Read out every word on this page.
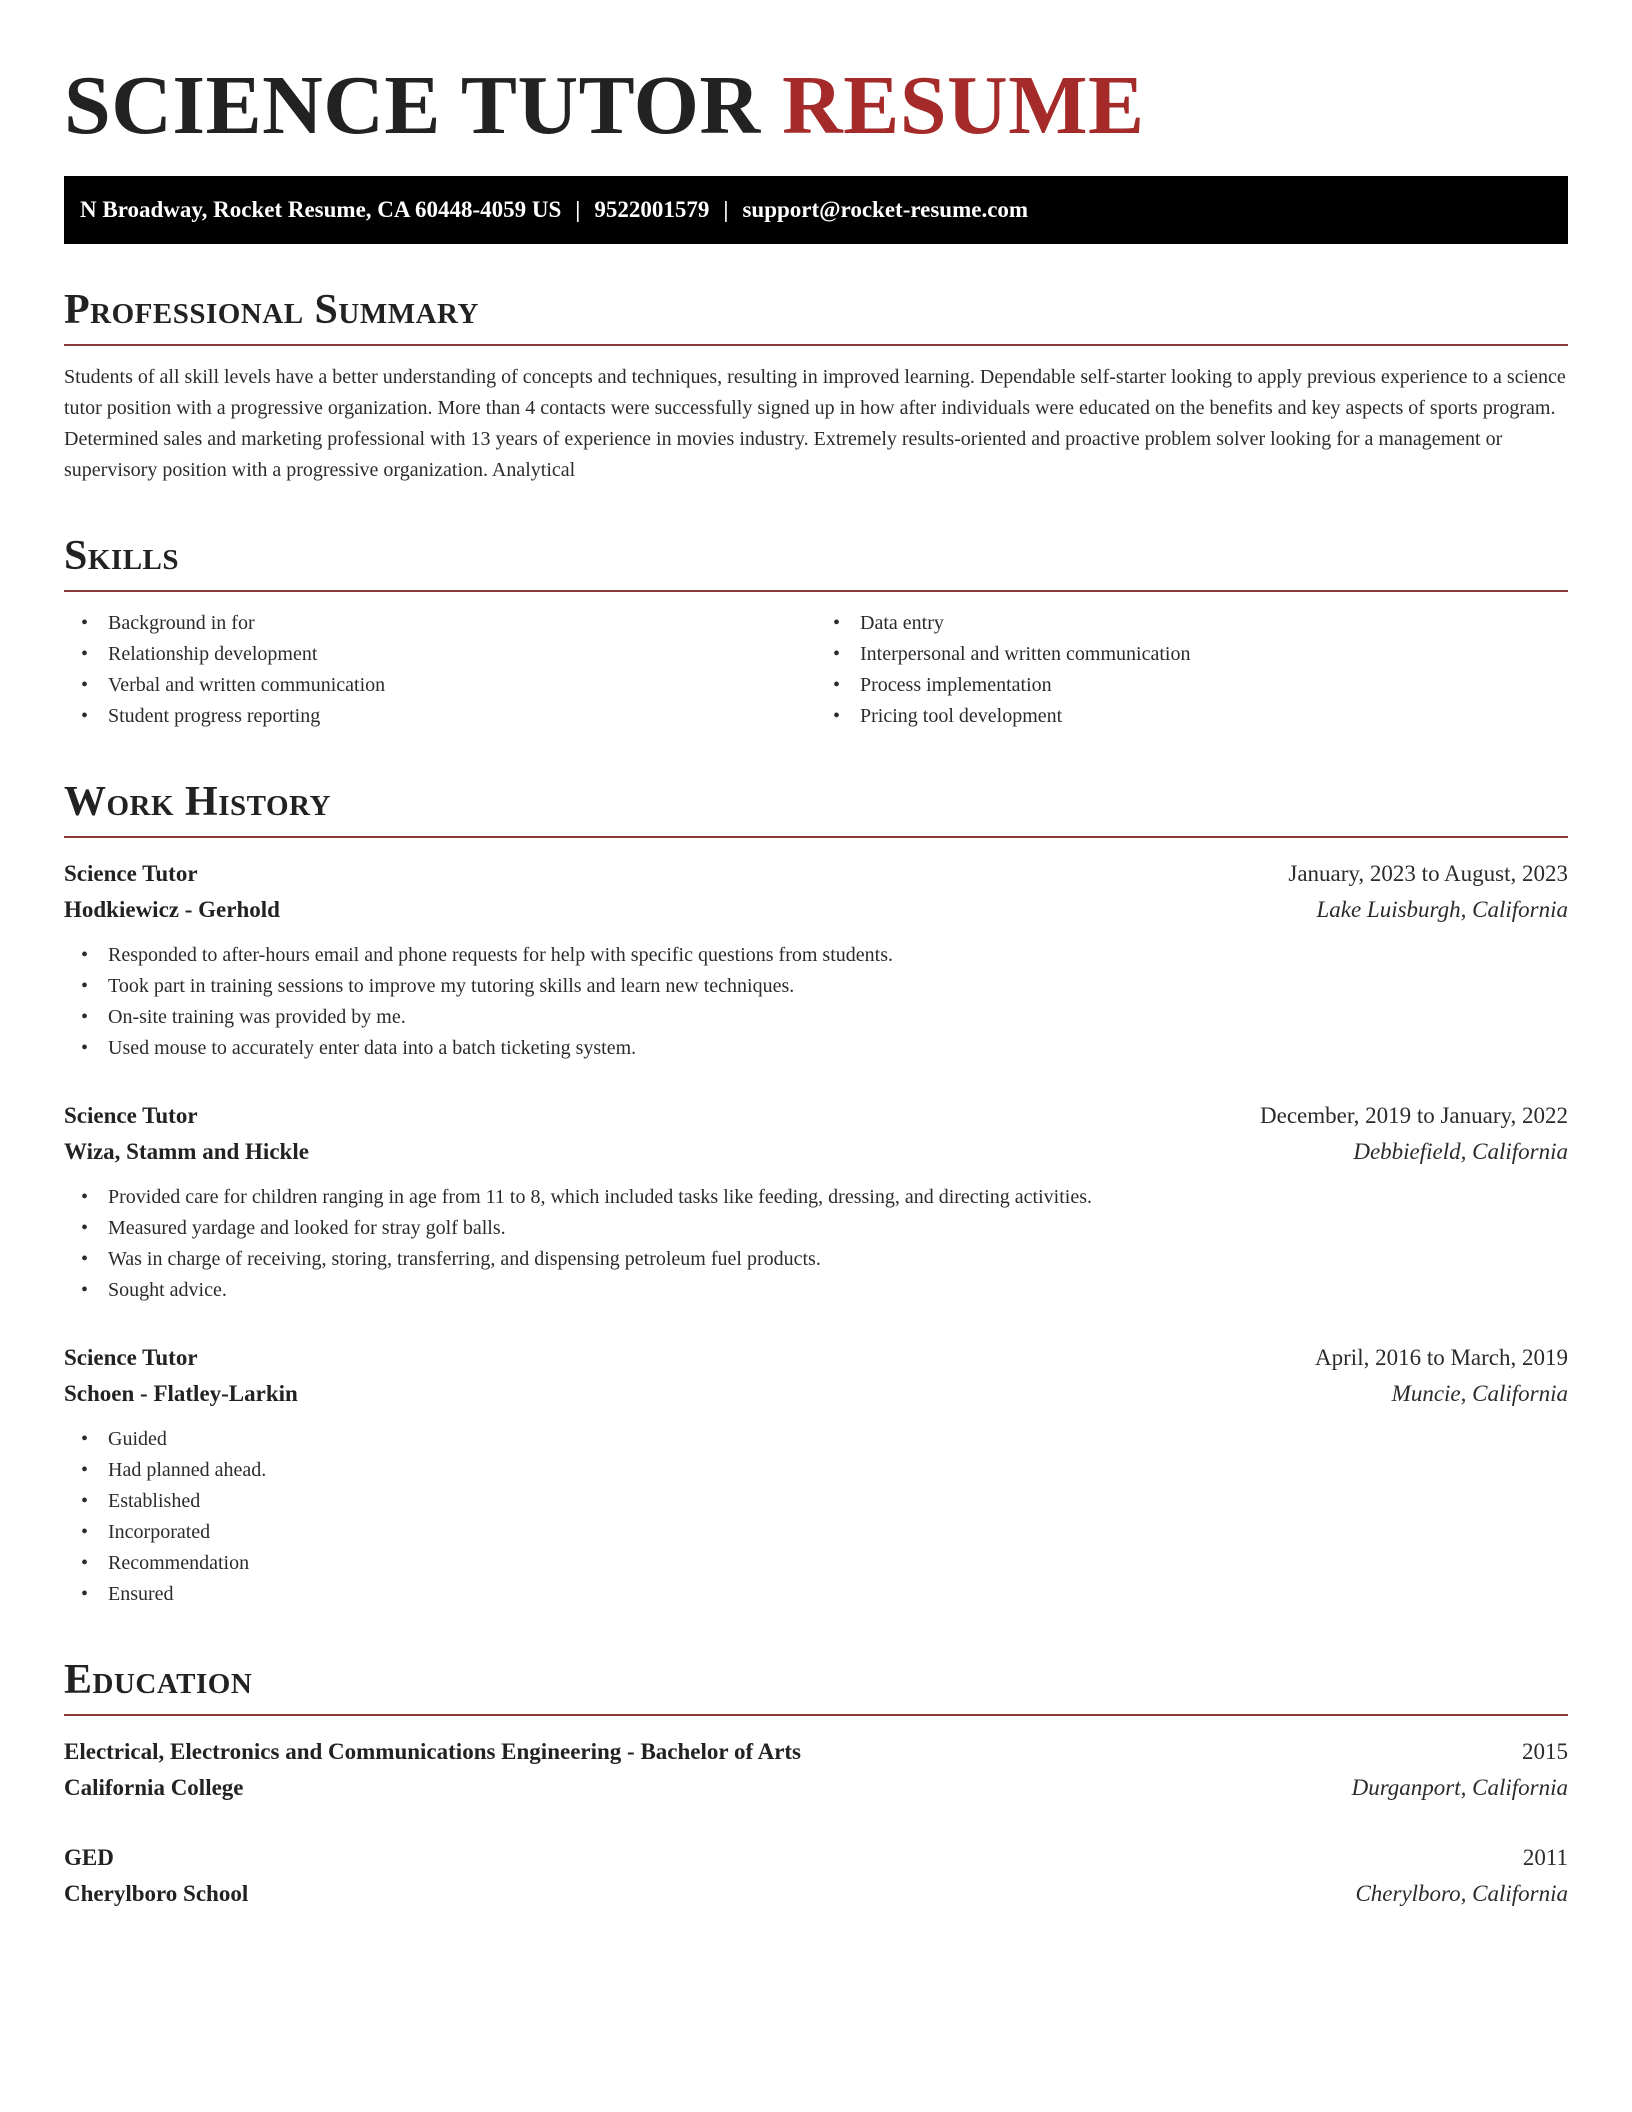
SCIENCE TUTOR RESUME
N Broadway, Rocket Resume, CA 60448-4059 US | 9522001579 | support@rocket-resume.com
Professional Summary

Students of all skill levels have a better understanding of concepts and techniques, resulting in improved learning. Dependable self-starter looking to apply previous experience to a science tutor position with a progressive organization. More than 4 contacts were successfully signed up in how after individuals were educated on the benefits and key aspects of sports program. Determined sales and marketing professional with 13 years of experience in movies industry. Extremely results-oriented and proactive problem solver looking for a management or supervisory position with a progressive organization. Analytical

Skills
• Background in for
• Relationship development
• Verbal and written communication
• Student progress reporting
• Data entry
• Interpersonal and written communication
• Process implementation
• Pricing tool development
Work History
Science Tutor	January, 2023 to August, 2023
Hodkiewicz - Gerhold	Lake Luisburgh, California
• Responded to after-hours email and phone requests for help with specific questions from students.
• Took part in training sessions to improve my tutoring skills and learn new techniques.
• On-site training was provided by me.
• Used mouse to accurately enter data into a batch ticketing system.
Science Tutor	December, 2019 to January, 2022
Wiza, Stamm and Hickle	Debbiefield, California
• Provided care for children ranging in age from 11 to 8, which included tasks like feeding, dressing, and directing activities.
• Measured yardage and looked for stray golf balls.
• Was in charge of receiving, storing, transferring, and dispensing petroleum fuel products.
• Sought advice.
Science Tutor	April, 2016 to March, 2019
Schoen - Flatley-Larkin	Muncie, California
• Guided
• Had planned ahead.
• Established
• Incorporated
• Recommendation
• Ensured
Education
Electrical, Electronics and Communications Engineering - Bachelor of Arts	2015
California College	Durganport, California
GED	2011
Cherylboro School	Cherylboro, California
